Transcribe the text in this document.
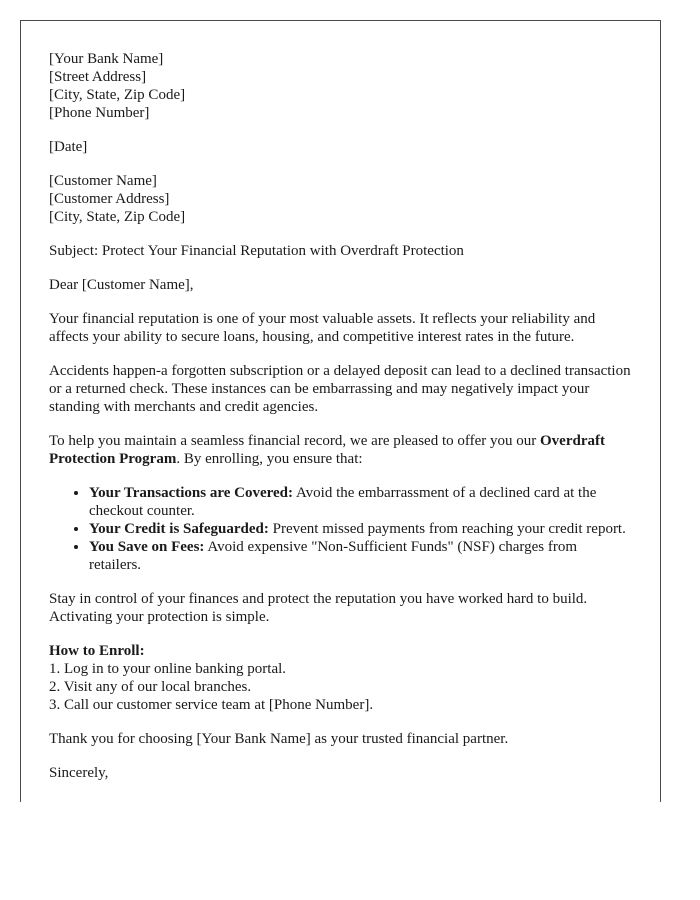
[Your Bank Name]
[Street Address]
[City, State, Zip Code]
[Phone Number]
[Date]
[Customer Name]
[Customer Address]
[City, State, Zip Code]
Subject: Protect Your Financial Reputation with Overdraft Protection
Dear [Customer Name],
Your financial reputation is one of your most valuable assets. It reflects your reliability and affects your ability to secure loans, housing, and competitive interest rates in the future.
Accidents happen-a forgotten subscription or a delayed deposit can lead to a declined transaction or a returned check. These instances can be embarrassing and may negatively impact your standing with merchants and credit agencies.
To help you maintain a seamless financial record, we are pleased to offer you our Overdraft Protection Program. By enrolling, you ensure that:
• Your Transactions are Covered: Avoid the embarrassment of a declined card at the checkout counter.
• Your Credit is Safeguarded: Prevent missed payments from reaching your credit report.
• You Save on Fees: Avoid expensive "Non-Sufficient Funds" (NSF) charges from retailers.
Stay in control of your finances and protect the reputation you have worked hard to build. Activating your protection is simple.
How to Enroll:
1. Log in to your online banking portal.
2. Visit any of our local branches.
3. Call our customer service team at [Phone Number].
Thank you for choosing [Your Bank Name] as your trusted financial partner.
Sincerely,
